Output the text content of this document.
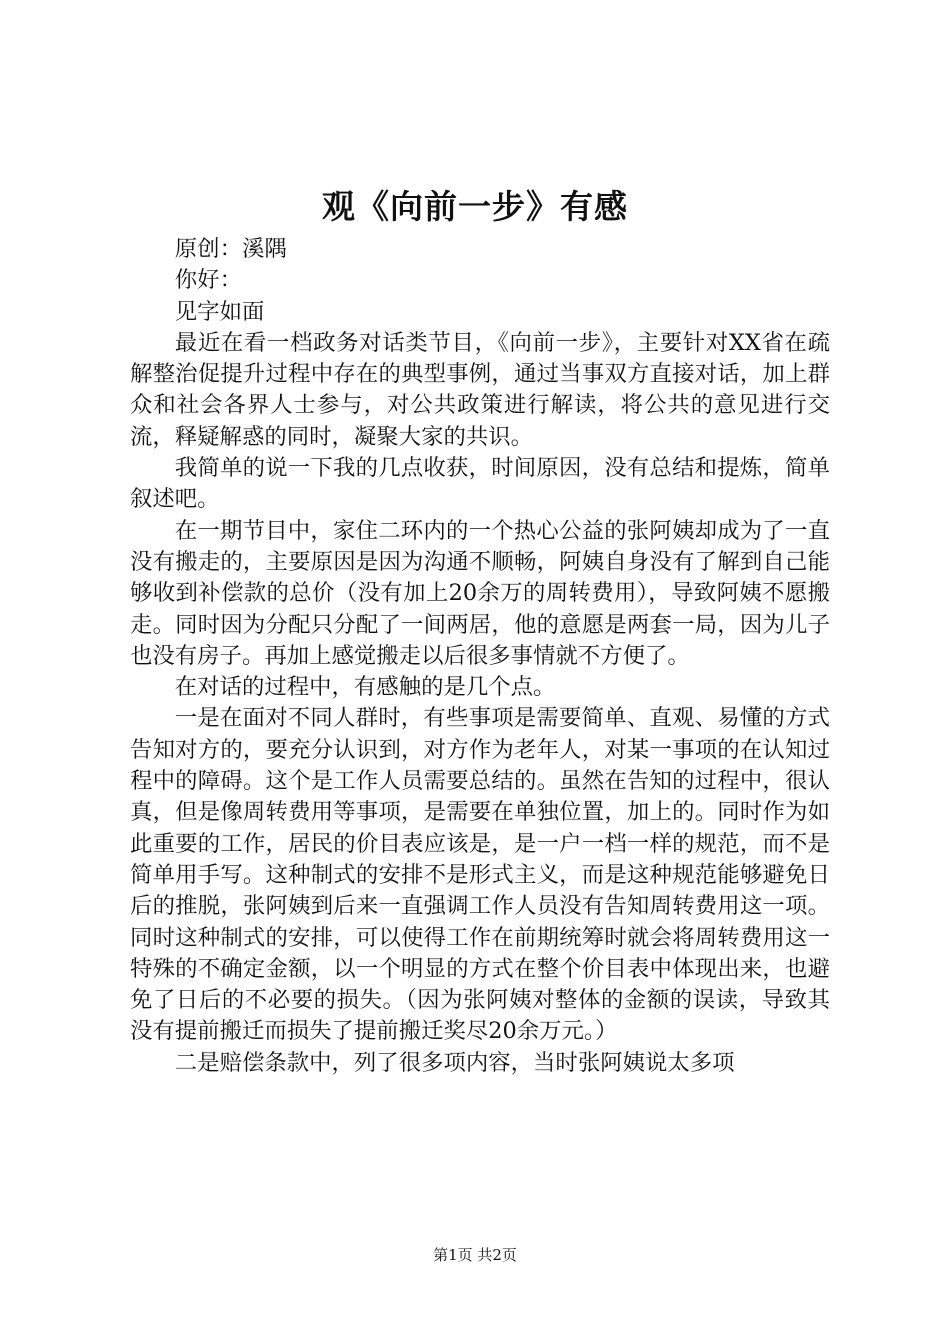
观《向前一步》有感

原创：溪隅

你好：

见字如面

最近在看一档政务对话类节目，《向前一步》，主要针对XX省在疏解整治促提升过程中存在的典型事例，通过当事双方直接对话，加上群众和社会各界人士参与，对公共政策进行解读，将公共的意见进行交流，释疑解惑的同时，凝聚大家的共识。

我简单的说一下我的几点收获，时间原因，没有总结和提炼，简单叙述吧。

在一期节目中，家住二环内的一个热心公益的张阿姨却成为了一直没有搬走的，主要原因是因为沟通不顺畅，阿姨自身没有了解到自己能够收到补偿款的总价（没有加上20余万的周转费用），导致阿姨不愿搬走。同时因为分配只分配了一间两居，他的意愿是两套一局，因为儿子也没有房子。再加上感觉搬走以后很多事情就不方便了。

在对话的过程中，有感触的是几个点。

一是在面对不同人群时，有些事项是需要简单、直观、易懂的方式告知对方的，要充分认识到，对方作为老年人，对某一事项的在认知过程中的障碍。这个是工作人员需要总结的。虽然在告知的过程中，很认真，但是像周转费用等事项，是需要在单独位置，加上的。同时作为如此重要的工作，居民的价目表应该是，是一户一档一样的规范，而不是简单用手写。这种制式的安排不是形式主义，而是这种规范能够避免日后的推脱，张阿姨到后来一直强调工作人员没有告知周转费用这一项。同时这种制式的安排，可以使得工作在前期统筹时就会将周转费用这一特殊的不确定金额，以一个明显的方式在整个价目表中体现出来，也避免了日后的不必要的损失。（因为张阿姨对整体的金额的误读，导致其没有提前搬迁而损失了提前搬迁奖尽20余万元。）

二是赔偿条款中，列了很多项内容，当时张阿姨说太多项

第1页 共2页
